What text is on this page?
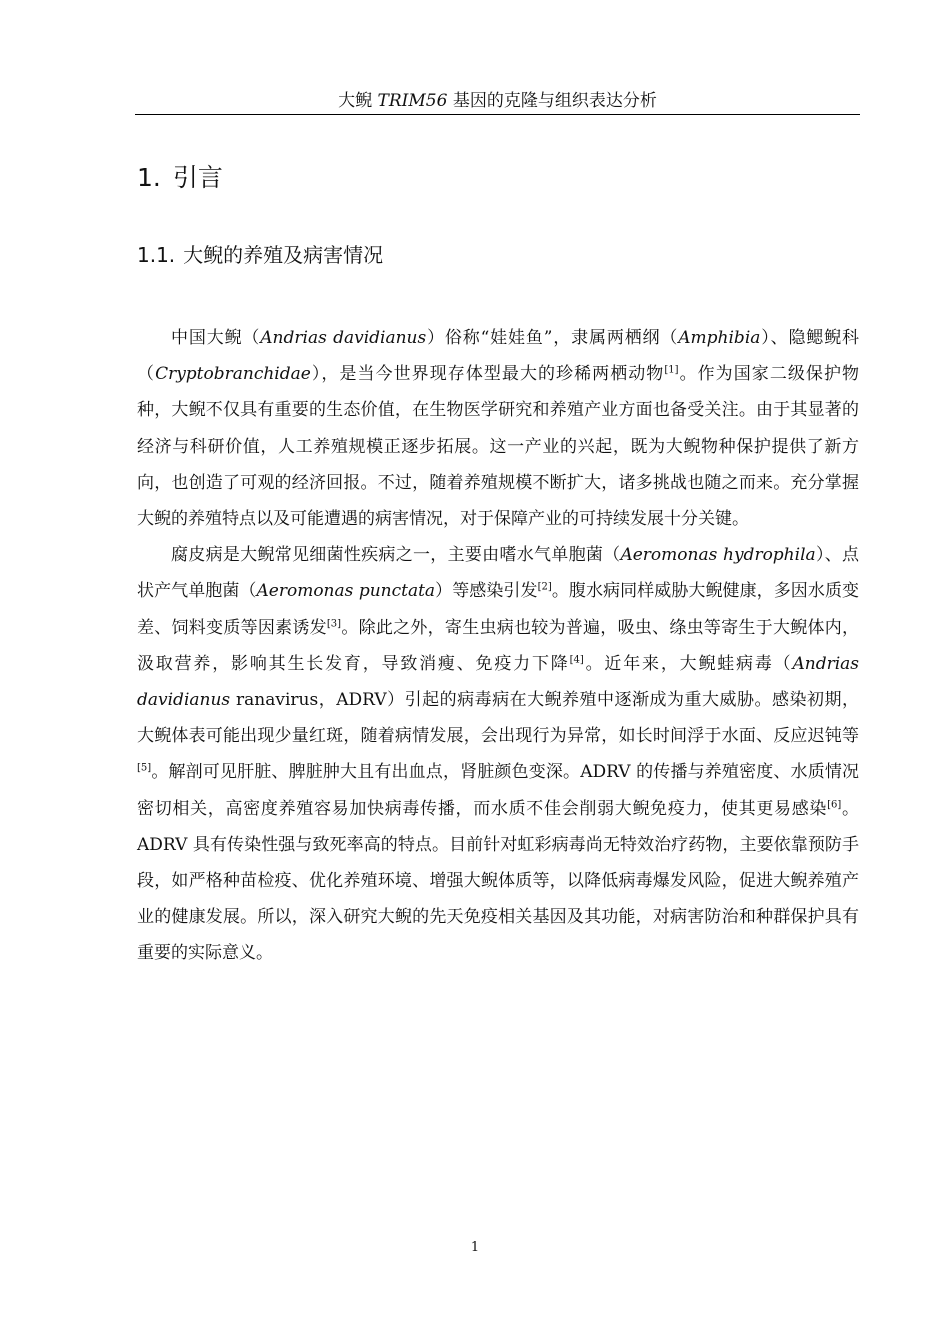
大鲵 TRIM56 基因的克隆与组织表达分析
1. 引言
1.1. 大鲵的养殖及病害情况

中国大鲵（Andrias davidianus）俗称“娃娃鱼”，隶属两栖纲（Amphibia）、隐鳃鲵科（Cryptobranchidae），是当今世界现存体型最大的珍稀两栖动物[1]。作为国家二级保护物种，大鲵不仅具有重要的生态价值，在生物医学研究和养殖产业方面也备受关注。由于其显著的经济与科研价值，人工养殖规模正逐步拓展。这一产业的兴起，既为大鲵物种保护提供了新方向，也创造了可观的经济回报。不过，随着养殖规模不断扩大，诸多挑战也随之而来。充分掌握大鲵的养殖特点以及可能遭遇的病害情况，对于保障产业的可持续发展十分关键。

腐皮病是大鲵常见细菌性疾病之一，主要由嗜水气单胞菌（Aeromonas hydrophila）、点状产气单胞菌（Aeromonas punctata）等感染引发[2]。腹水病同样威胁大鲵健康，多因水质变差、饲料变质等因素诱发[3]。除此之外，寄生虫病也较为普遍，吸虫、绦虫等寄生于大鲵体内，汲取营养，影响其生长发育，导致消瘦、免疫力下降[4]。近年来，大鲵蛙病毒（Andrias davidianus ranavirus，ADRV）引起的病毒病在大鲵养殖中逐渐成为重大威胁。感染初期，大鲵体表可能出现少量红斑，随着病情发展，会出现行为异常，如长时间浮于水面、反应迟钝等[5]。解剖可见肝脏、脾脏肿大且有出血点，肾脏颜色变深。ADRV 的传播与养殖密度、水质情况密切相关，高密度养殖容易加快病毒传播，而水质不佳会削弱大鲵免疫力，使其更易感染[6]。ADRV 具有传染性强与致死率高的特点。目前针对虹彩病毒尚无特效治疗药物，主要依靠预防手段，如严格种苗检疫、优化养殖环境、增强大鲵体质等，以降低病毒爆发风险，促进大鲵养殖产业的健康发展。所以，深入研究大鲵的先天免疫相关基因及其功能，对病害防治和种群保护具有重要的实际意义。

1
